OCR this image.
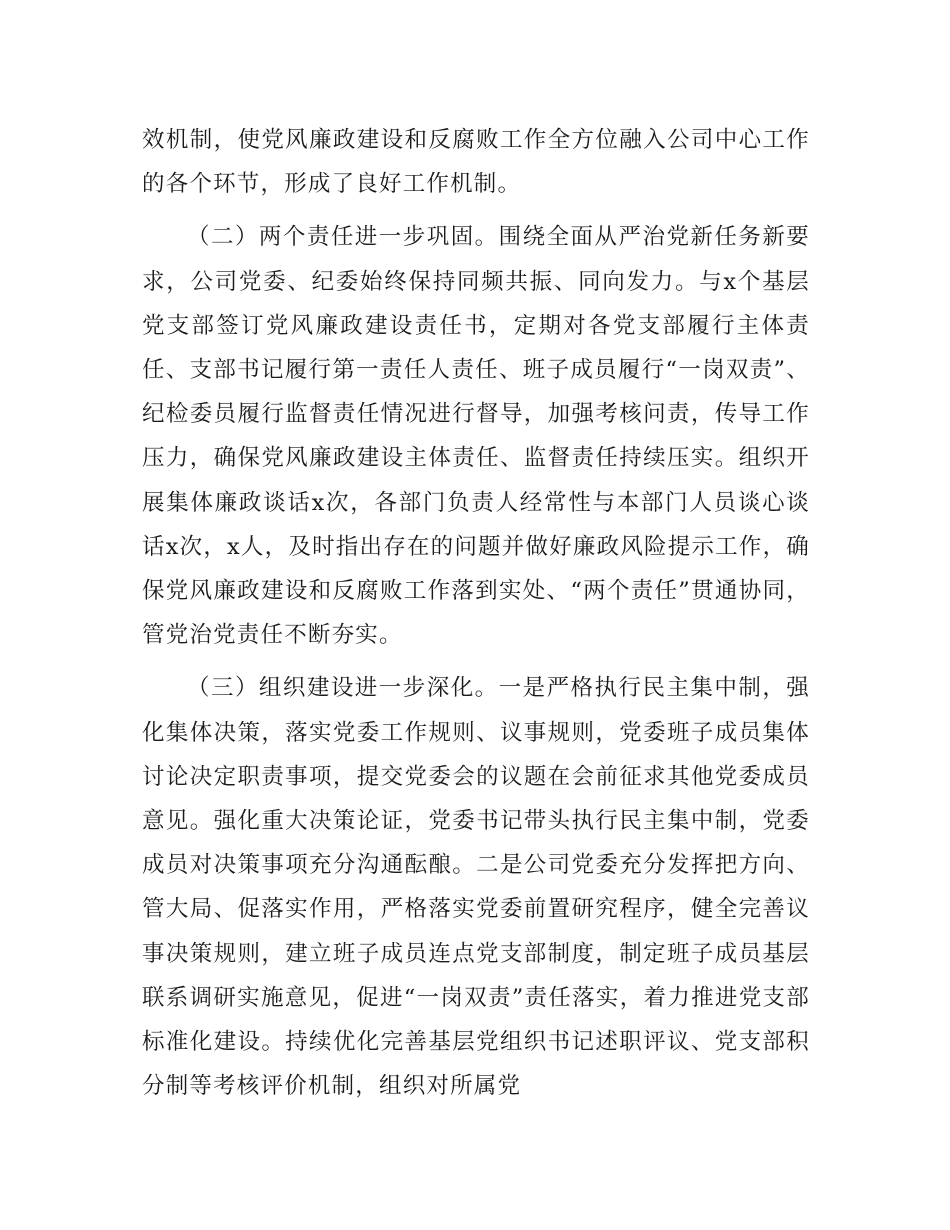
效机制，使党风廉政建设和反腐败工作全方位融入公司中心工作的各个环节，形成了良好工作机制。

（二）两个责任进一步巩固。围绕全面从严治党新任务新要求，公司党委、纪委始终保持同频共振、同向发力。与x个基层党支部签订党风廉政建设责任书，定期对各党支部履行主体责任、支部书记履行第一责任人责任、班子成员履行“一岗双责”、纪检委员履行监督责任情况进行督导，加强考核问责，传导工作压力，确保党风廉政建设主体责任、监督责任持续压实。组织开展集体廉政谈话x次，各部门负责人经常性与本部门人员谈心谈话x次，x人，及时指出存在的问题并做好廉政风险提示工作，确保党风廉政建设和反腐败工作落到实处、“两个责任”贯通协同，管党治党责任不断夯实。

（三）组织建设进一步深化。一是严格执行民主集中制，强化集体决策，落实党委工作规则、议事规则，党委班子成员集体讨论决定职责事项，提交党委会的议题在会前征求其他党委成员意见。强化重大决策论证，党委书记带头执行民主集中制，党委成员对决策事项充分沟通酝酿。二是公司党委充分发挥把方向、管大局、促落实作用，严格落实党委前置研究程序，健全完善议事决策规则，建立班子成员连点党支部制度，制定班子成员基层联系调研实施意见，促进“一岗双责”责任落实，着力推进党支部标准化建设。持续优化完善基层党组织书记述职评议、党支部积分制等考核评价机制，组织对所属党
